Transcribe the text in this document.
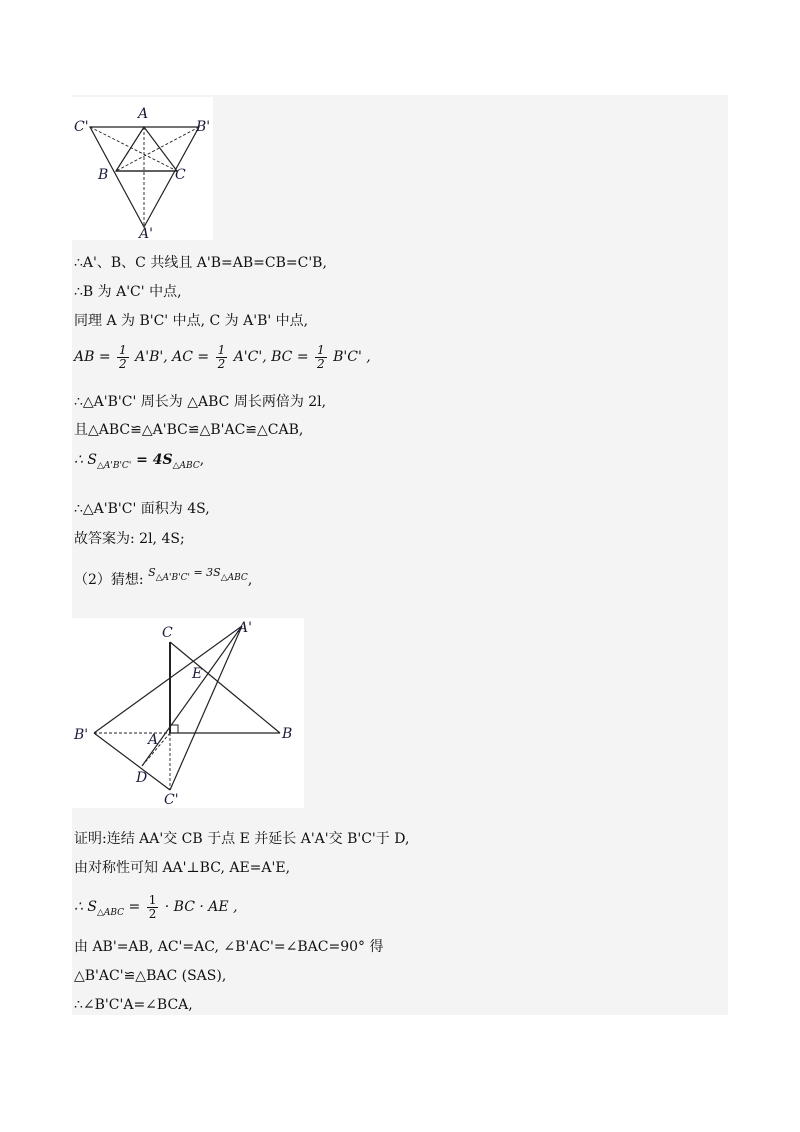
A
C'	B'
B	C
A'
∴A'、B、C 共线且 A'B=AB=CB=C'B,
∴B 为 A'C' 中点,
同理 A 为 B'C' 中点, C 为 A'B' 中点,
AB = $\frac{1}{2} A'B'$, AC = $\frac{1}{2} A'C'$, BC = $\frac{1}{2} B'C'$ ,
∴△A'B'C' 周长为 △ABC 周长两倍为 2l,
且△ABC≌△A'BC≌△B'AC≌△CAB,
∴ $S_{\triangle A'B'C'} = 4S_{\triangle ABC}$,
∴△A'B'C' 面积为 4S,
故答案为: 2l, 4S;
（2）猜想: $^{S_{\triangle A'B'C'} = 3S_{\triangle ABC}}$,
C	A'
E
B'	A	B
D
C'
证明:连结 AA'交 CB 于点 E 并延长 A'A'交 B'C'于 D,
由对称性可知 AA'⊥BC, AE=A'E,
∴ $S_{\triangle ABC} = \frac{1}{2}$ · BC · AE ,
由 AB'=AB, AC'=AC, ∠B'AC'=∠BAC=90° 得
△B'AC'≌△BAC (SAS),
∴∠B'C'A=∠BCA,
